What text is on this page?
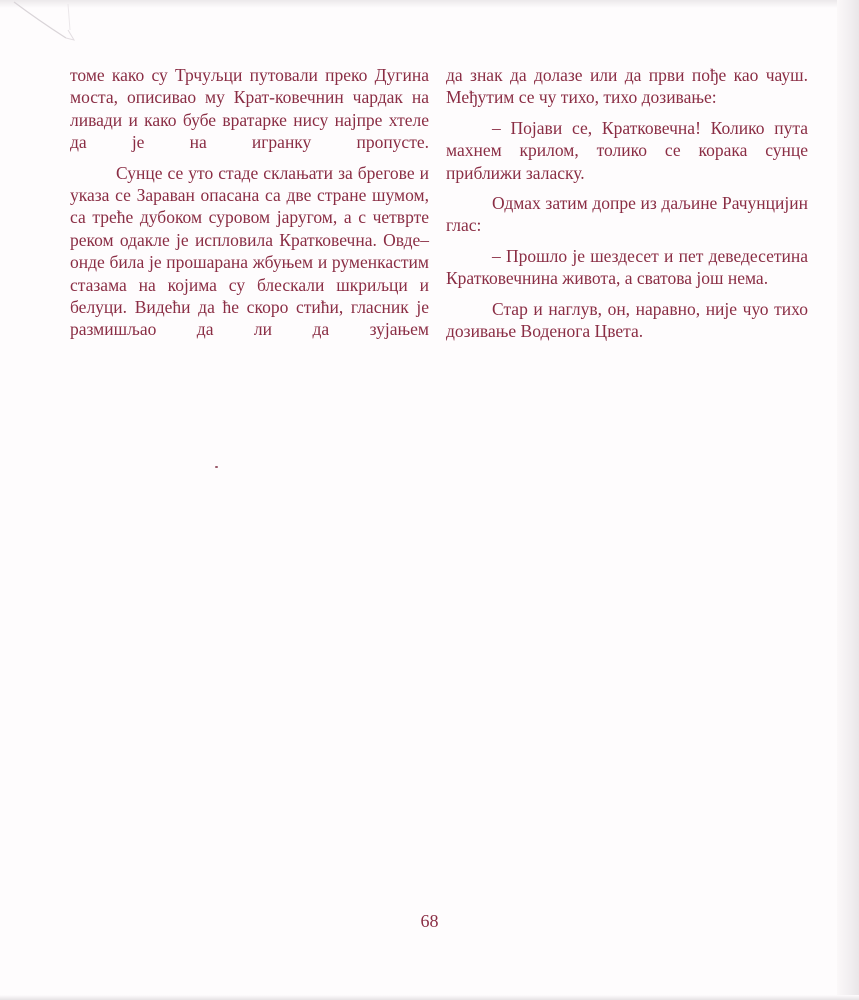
томе како су Трчуљци путовали преко Дугина моста, описивао му Крат-ковечнин чардак на ливади и како бубе вратарке нису најпре хтеле да је на игранку пропусте.

Сунце се уто стаде склањати за брегове и указа се Зараван опасана са две стране шумом, са треће дубоком суровом јаругом, а с четврте реком одакле је испловила Кратковечна. Овде–онде била је прошарана жбуњем и руменкастим стазама на којима су блескали шкриљци и белуци. Видећи да ће скоро стићи, гласник је размишљао да ли да зујањем

да знак да долазе или да први пође као чауш. Међутим се чу тихо, тихо дозивање:

– Појави се, Кратковечна! Колико пута махнем крилом, толико се корака сунце приближи заласку.

Одмах затим допре из даљине Рачунцијин глас:

– Прошло је шездесет и пет деведесетина Кратковечнина живота, а сватова још нема.

Стар и наглув, он, наравно, није чуо тихо дозивање Воденога Цвета.

68
